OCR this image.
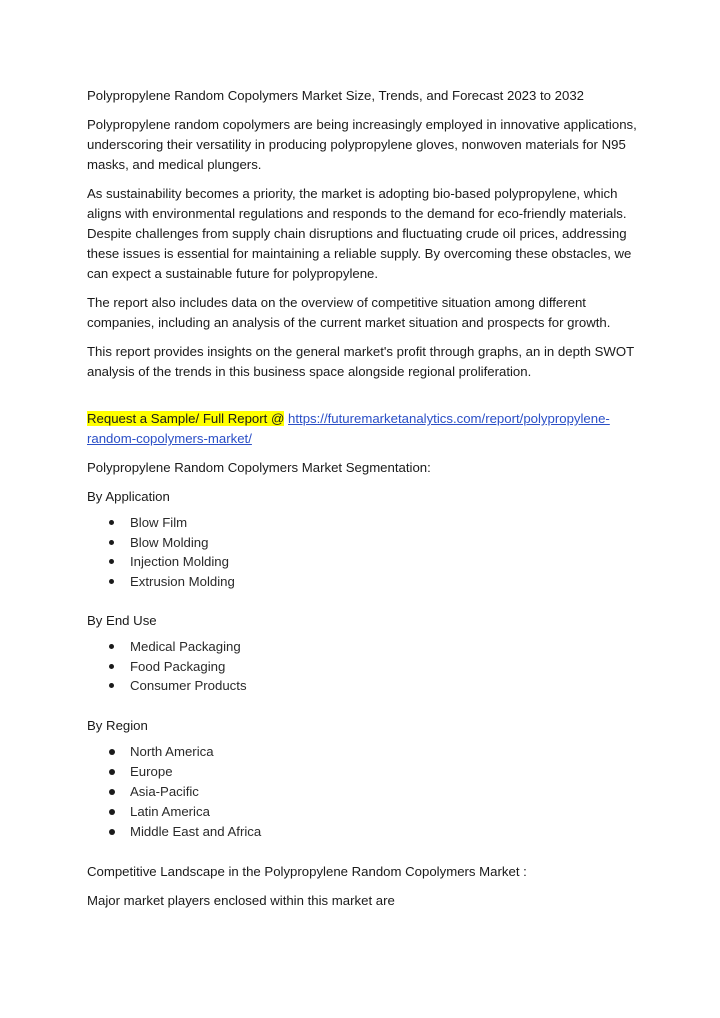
Polypropylene Random Copolymers Market Size, Trends, and Forecast 2023 to 2032

Polypropylene random copolymers are being increasingly employed in innovative applications, underscoring their versatility in producing polypropylene gloves, nonwoven materials for N95 masks, and medical plungers.

As sustainability becomes a priority, the market is adopting bio-based polypropylene, which aligns with environmental regulations and responds to the demand for eco-friendly materials. Despite challenges from supply chain disruptions and fluctuating crude oil prices, addressing these issues is essential for maintaining a reliable supply. By overcoming these obstacles, we can expect a sustainable future for polypropylene.

The report also includes data on the overview of competitive situation among different companies, including an analysis of the current market situation and prospects for growth.

This report provides insights on the general market's profit through graphs, an in depth SWOT analysis of the trends in this business space alongside regional proliferation.

Request a Sample/ Full Report @ https://futuremarketanalytics.com/report/polypropylene-random-copolymers-market/

Polypropylene Random Copolymers Market Segmentation:

By Application

Blow Film
Blow Molding
Injection Molding
Extrusion Molding

By End Use

Medical Packaging
Food Packaging
Consumer Products

By Region

North America
Europe
Asia-Pacific
Latin America
Middle East and Africa

Competitive Landscape in the Polypropylene Random Copolymers Market :

Major market players enclosed within this market are
